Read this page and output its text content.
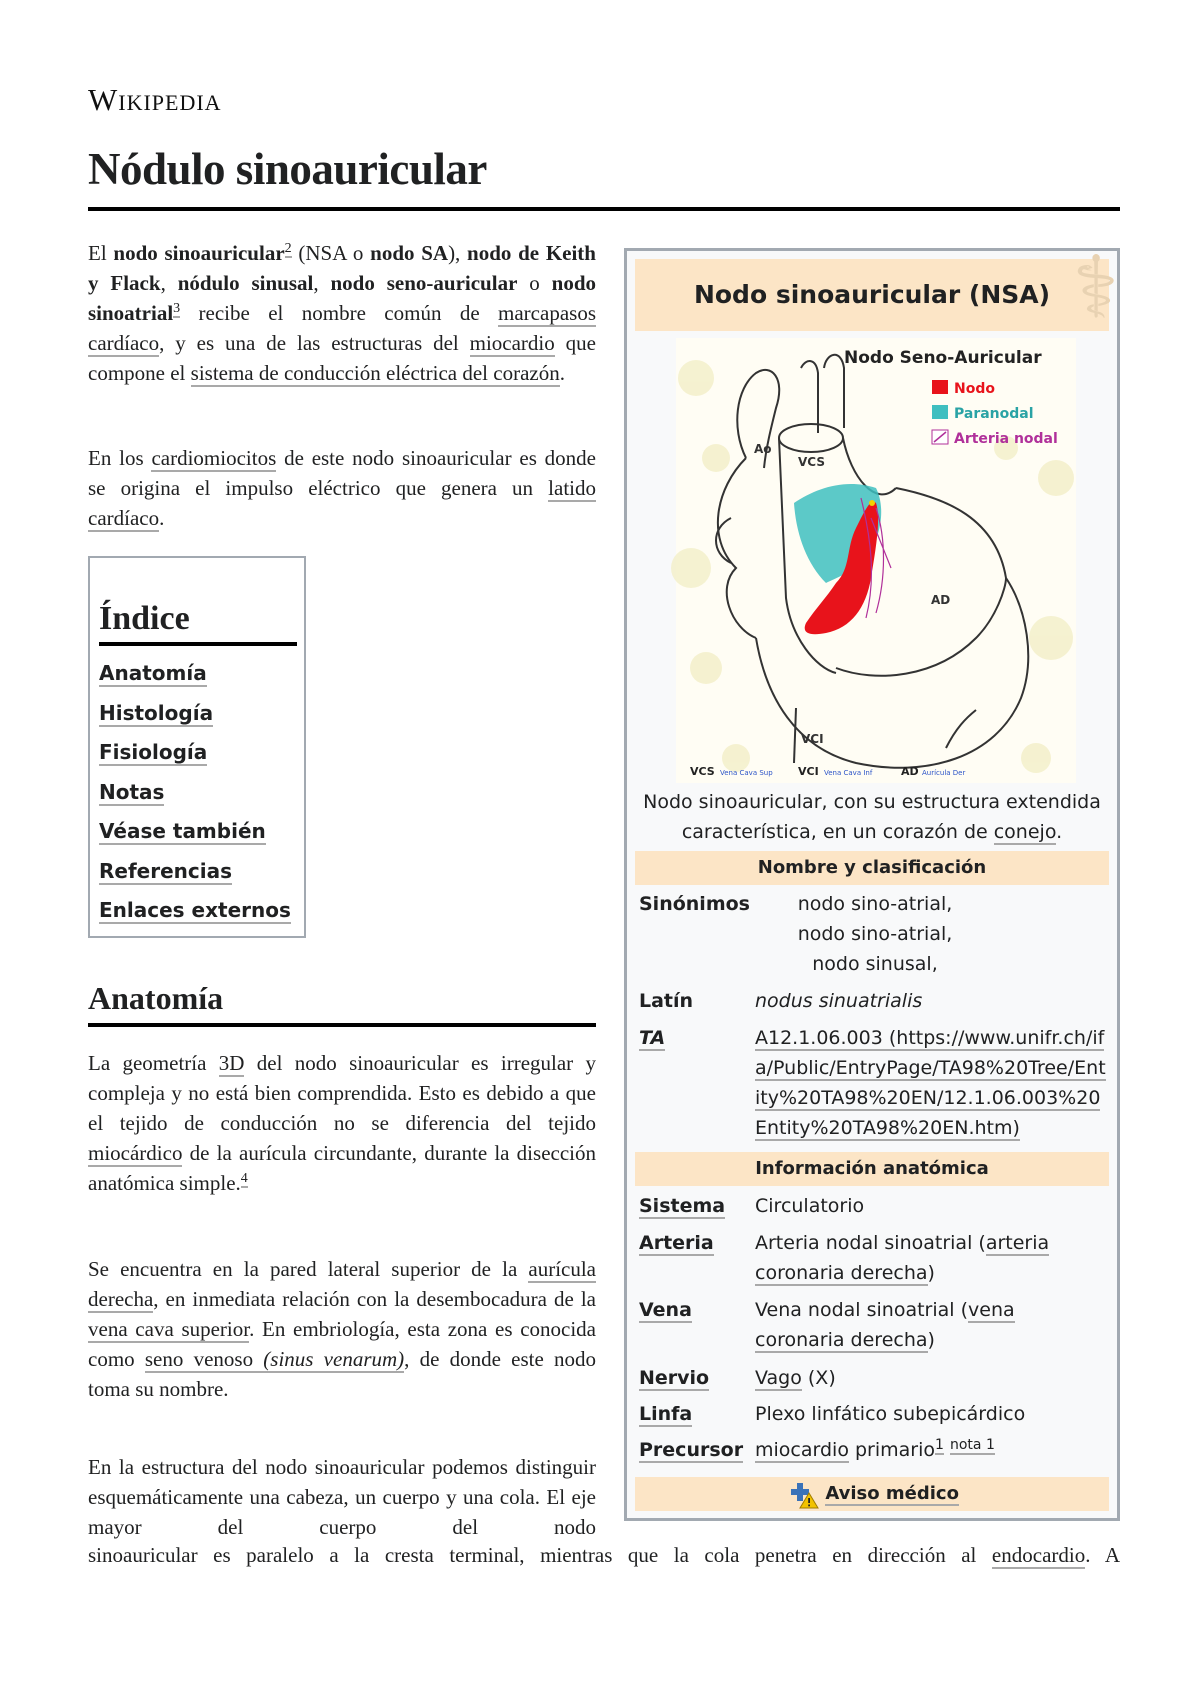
Wikipedia
Nódulo sinoauricular

El nodo sinoauricular$^2$ (NSA o nodo SA), nodo de Keith y Flack, nódulo sinusal, nodo seno-auricular o nodo sinoatrial$^3$ recibe el nombre común de marcapasos cardíaco, y es una de las estructuras del miocardio que compone el sistema de conducción eléctrica del corazón.

En los cardiomiocitos de este nodo sinoauricular es donde se origina el impulso eléctrico que genera un latido cardíaco.

Índice
Anatomía
Histología
Fisiología
Notas
Véase también
Referencias
Enlaces externos
Anatomía

La geometría 3D del nodo sinoauricular es irregular y compleja y no está bien comprendida. Esto es debido a que el tejido de conducción no se diferencia del tejido miocárdico de la aurícula circundante, durante la disección anatómica simple.$^4$

Se encuentra en la pared lateral superior de la aurícula derecha, en inmediata relación con la desembocadura de la vena cava superior. En embriología, esta zona es conocida como seno venoso (sinus venarum), de donde este nodo toma su nombre.

En la estructura del nodo sinoauricular podemos distinguir esquemáticamente una cabeza, un cuerpo y una cola. El eje mayor del cuerpo del nodo

sinoauricular es paralelo a la cresta terminal, mientras que la cola penetra en dirección al endocardio. A
⚕
Nodo sinoauricular (NSA)
Nodo Seno-Auricular
Nodo
Paranodal
Arteria nodal
Ao
VCS
AD
VCI
VCS Vena Cava Sup VCI Vena Cava Inf	AD Aurícula Der
Nodo sinoauricular, con su estructura extendida característica, en un corazón de conejo.
Nombre y clasificación
Sinónimos	nodo sino-atrial,
nodo sino-atrial,
nodo sinusal,
Latín	nodus sinuatrialis
TA	A12.1.06.003 (https://www.unifr.ch/ifa/Public/EntryPage/TA98%20Tree/Entity%20TA98%20EN/12.1.06.003%20Entity%20TA98%20EN.htm)
Información anatómica
Sistema Circulatorio
Arteria Arteria nodal sinoatrial (arteria coronaria derecha)
Vena	Vena nodal sinoatrial (vena coronaria derecha)
Nervio Vago (X)
Linfa	Plexo linfático subepicárdico
Precursor miocardio primario$^1$ $^{nota 1}$
Aviso médico
